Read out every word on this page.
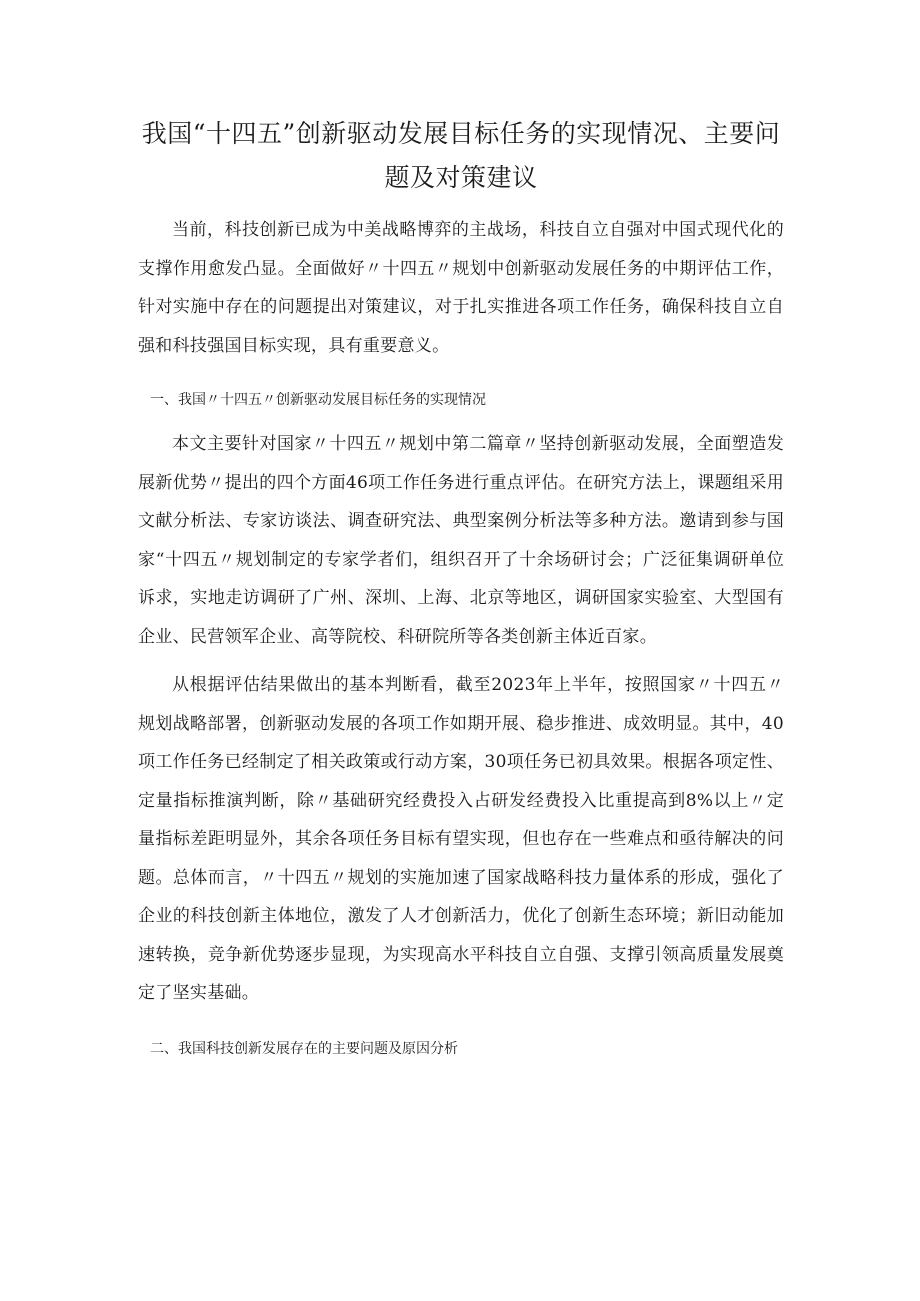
我国“十四五”创新驱动发展目标任务的实现情况、主要问
题及对策建议

当前，科技创新已成为中美战略博弈的主战场，科技自立自强对中国式现代化的支撑作用愈发凸显。全面做好〃十四五〃规划中创新驱动发展任务的中期评估工作，针对实施中存在的问题提出对策建议，对于扎实推进各项工作任务，确保科技自立自强和科技强国目标实现，具有重要意义。

一、我国〃十四五〃创新驱动发展目标任务的实现情况

本文主要针对国家〃十四五〃规划中第二篇章〃坚持创新驱动发展，全面塑造发展新优势〃提出的四个方面46项工作任务进行重点评估。在研究方法上，课题组采用文献分析法、专家访谈法、调查研究法、典型案例分析法等多种方法。邀请到参与国家“十四五〃规划制定的专家学者们，组织召开了十余场研讨会；广泛征集调研单位诉求，实地走访调研了广州、深圳、上海、北京等地区，调研国家实验室、大型国有企业、民营领军企业、高等院校、科研院所等各类创新主体近百家。

从根据评估结果做出的基本判断看，截至2023年上半年，按照国家〃十四五〃规划战略部署，创新驱动发展的各项工作如期开展、稳步推进、成效明显。其中，40项工作任务已经制定了相关政策或行动方案，30项任务已初具效果。根据各项定性、定量指标推演判断，除〃基础研究经费投入占研发经费投入比重提高到8%以上〃定量指标差距明显外，其余各项任务目标有望实现，但也存在一些难点和亟待解决的问题。总体而言，〃十四五〃规划的实施加速了国家战略科技力量体系的形成，强化了企业的科技创新主体地位，激发了人才创新活力，优化了创新生态环境；新旧动能加速转换，竞争新优势逐步显现，为实现高水平科技自立自强、支撑引领高质量发展奠定了坚实基础。

二、我国科技创新发展存在的主要问题及原因分析
